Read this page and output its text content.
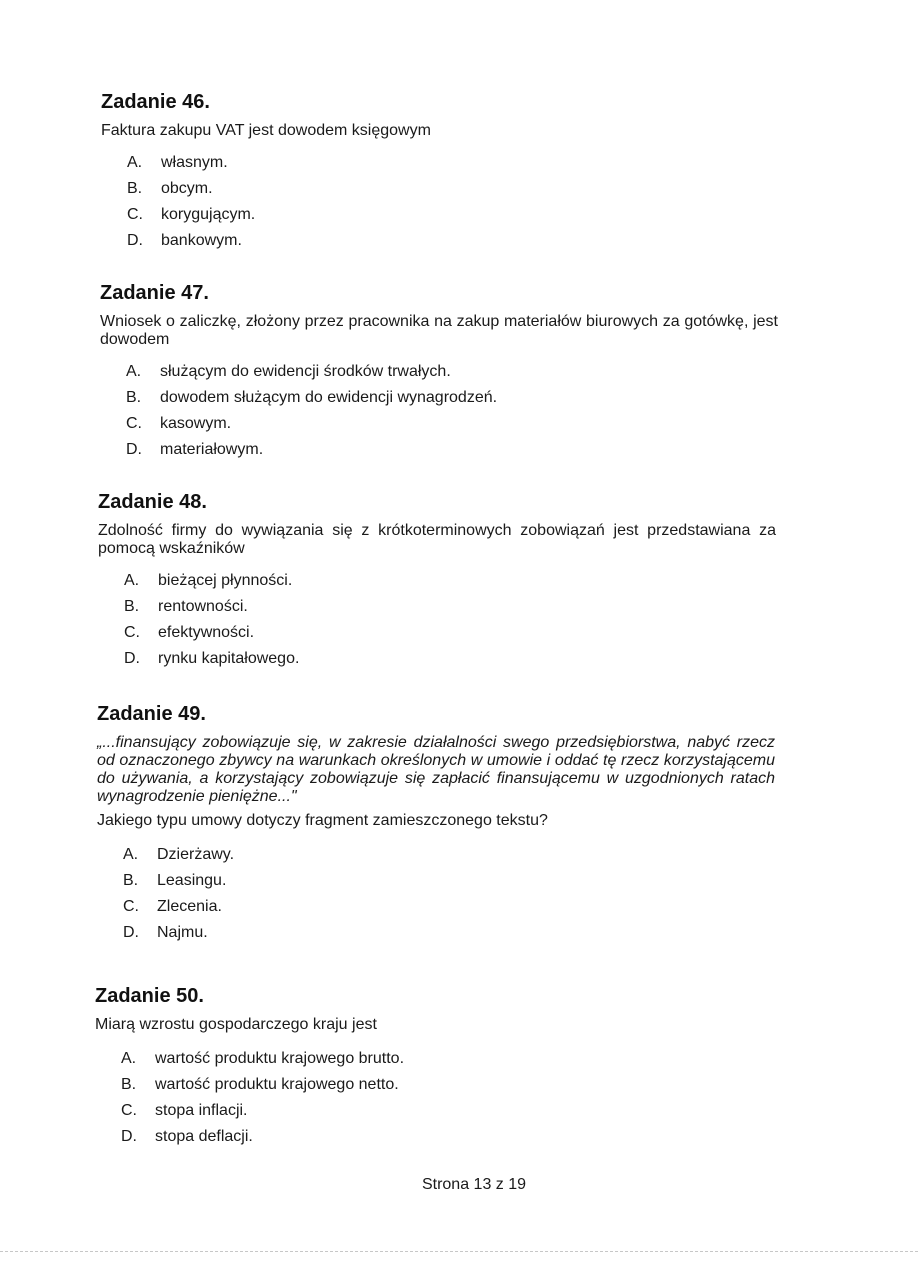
Zadanie 46.

Faktura zakupu VAT jest dowodem księgowym

A.	własnym.
B.	obcym.
C.	korygującym.
D.	bankowym.
Zadanie 47.

Wniosek o zaliczkę, złożony przez pracownika na zakup materiałów biurowych za gotówkę, jest dowodem

A.	służącym do ewidencji środków trwałych.
B.	dowodem służącym do ewidencji wynagrodzeń.
C.	kasowym.
D.	materiałowym.
Zadanie 48.

Zdolność firmy do wywiązania się z krótkoterminowych zobowiązań jest przedstawiana za pomocą wskaźników

A.	bieżącej płynności.
B.	rentowności.
C.	efektywności.
D.	rynku kapitałowego.
Zadanie 49.

„...finansujący zobowiązuje się, w zakresie działalności swego przedsiębiorstwa, nabyć rzecz od oznaczonego zbywcy na warunkach określonych w umowie i oddać tę rzecz korzystającemu do używania, a korzystający zobowiązuje się zapłacić finansującemu w uzgodnionych ratach wynagrodzenie pieniężne..."

Jakiego typu umowy dotyczy fragment zamieszczonego tekstu?

A.	Dzierżawy.
B.	Leasingu.
C.	Zlecenia.
D.	Najmu.
Zadanie 50.

Miarą wzrostu gospodarczego kraju jest

A.	wartość produktu krajowego brutto.
B.	wartość produktu krajowego netto.
C.	stopa inflacji.
D.	stopa deflacji.
Strona 13 z 19
